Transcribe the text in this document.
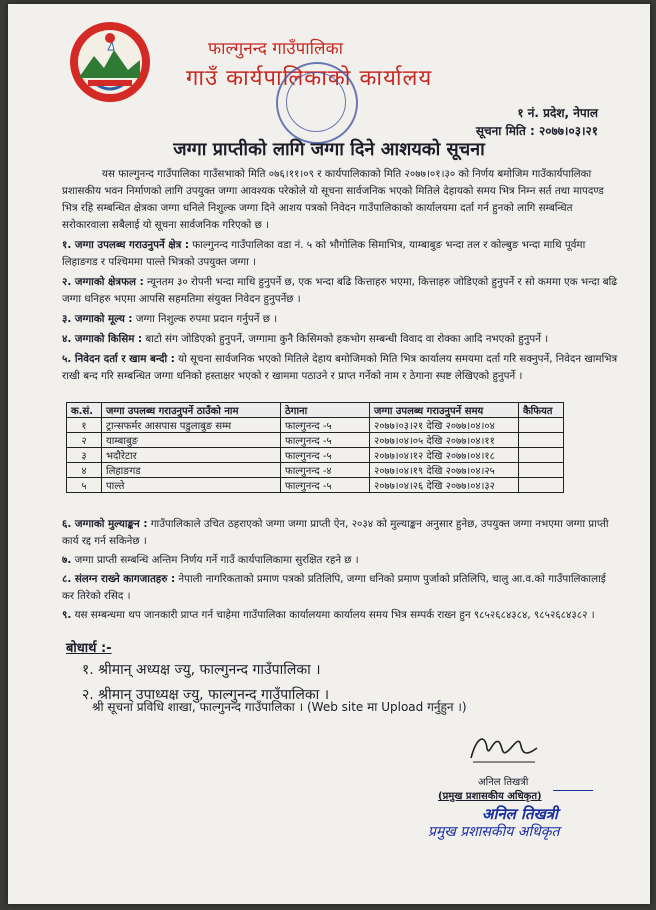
फाल्गुनन्द गाउँपालिका
गाउँ कार्यपालिकाको कार्यालय
१ नं. प्रदेश, नेपाल
सूचना मिति : २०७७।०३।२१
जग्गा प्राप्तीको लागि जग्गा दिने आशयको सूचना

यस फाल्गुनन्द गाउँपालिका गाउँसभाको मिति ०७६।११।०९ र कार्यपालिकाको मिति २०७७।०१।३० को निर्णय बमोजिम गाउँकार्यपालिका प्रशासकीय भवन निर्माणको लागि उपयुक्त जग्गा आवश्यक परेकोले यो सूचना सार्वजनिक भएको मितिले देहायको समय भित्र निम्न सर्त तथा मापदण्ड भित्र रहि सम्बन्धित क्षेत्रका जग्गा धनिले निशुल्क जग्गा दिने आशय पत्रको निवेदन गाउँपालिकाको कार्यालयमा दर्ता गर्न हुनको लागि सम्बन्धित सरोकारवाला सबैलाई यो सूचना सार्वजनिक गरिएको छ ।

१. जग्गा उपलब्ध गराउनुपर्ने क्षेत्र : फाल्गुनन्द गाउँपालिका वडा नं. ५ को भौगोलिक सिमाभित्र, याम्बाबुङ भन्दा तल र कोल्बुङ भन्दा माथि पूर्वमा लिहाङगड र पश्चिममा पाल्ते भित्रको उपयुक्त जग्गा ।

२. जग्गाको क्षेत्रफल : न्यूनतम ३० रोपनी भन्दा माथि हुनुपर्ने छ, एक भन्दा बढि कित्ताहरु भएमा, कित्ताहरु जोडिएको हुनुपर्ने र सो कममा एक भन्दा बढि जग्गा धनिहरु भएमा आपसि सहमतिमा संयुक्त निवेदन हुनुपर्नेछ ।

३. जग्गाको मूल्य : जग्गा निशुल्क रुपमा प्रदान गर्नुपर्ने छ ।

४. जग्गाको किसिम : बाटो संग जोडिएको हुनुपर्ने, जग्गामा कुनै किसिमको हकभोग सम्बन्धी विवाद वा रोक्का आदि नभएको हुनुपर्ने ।

५. निवेदन दर्ता र खाम बन्दी : यो सूचना सार्वजनिक भएको मितिले देहाय बमोजिमको मिति भित्र कार्यालय समयमा दर्ता गरि सक्नुपर्ने, निवेदन खामभित्र राखी बन्द गरि सम्बन्धित जग्गा धनिको हस्ताक्षर भएको र खाममा पठाउने र प्राप्त गर्नेको नाम र ठेगाना स्पष्ट लेखिएको हुनुपर्ने ।

क.सं.	जग्गा उपलब्ध गराउनुपर्ने ठाउँको नाम	ठेगाना	जग्गा उपलब्ध गराउनुपर्ने समय	कैफियत
१	ट्रान्सफर्मर आसपास पडुलाबुङ सम्म	फाल्गुनन्द -५	२०७७।०३।२१ देखि २०७७।०४।०४	
२	याम्बाबुङ	फाल्गुनन्द -५	२०७७।०४।०५ देखि २०७७।०४।११	
३	भदौरेटार	फाल्गुनन्द -५	२०७७।०४।१२ देखि २०७७।०४।१८	
४	लिहाङगड	फाल्गुनन्द -४	२०७७।०४।१९ देखि २०७७।०४।२५	
५	पाल्ते	फाल्गुनन्द -५	२०७७।०४।२६ देखि २०७७।०४।३२	

६. जग्गाको मुल्याङ्कन : गाउँपालिकाले उचित ठहराएको जग्गा जग्गा प्राप्ती ऐन, २०३४ को मुल्याङ्कन अनुसार हुनेछ, उपयुक्त जग्गा नभएमा जग्गा प्राप्ती कार्य रद्द गर्न सकिनेछ ।

७. जग्गा प्राप्ती सम्बन्धि अन्तिम निर्णय गर्ने गाउँ कार्यपालिकामा सुरक्षित रहने छ ।

८. संलग्न राख्ने कागजातहरु : नेपाली नागरिकताको प्रमाण पत्रको प्रतिलिपि, जग्गा धनिको प्रमाण पुर्जाको प्रतिलिपि, चालु आ.व.को गाउँपालिकालाई कर तिरेको रसिद ।

९. यस सम्बन्धमा थप जानकारी प्राप्त गर्न चाहेमा गाउँपालिका कार्यालयमा कार्यालय समय भित्र सम्पर्क राख्न हुन ९८५२६८४३८४, ९८५२६८४३८२ ।

बोधार्थ :-
१. श्रीमान् अध्यक्ष ज्यु, फाल्गुनन्द गाउँपालिका ।
२. श्रीमान् उपाध्यक्ष ज्यु, फाल्गुनन्द गाउँपालिका ।
श्री सूचना प्रविधि शाखा, फाल्गुनन्द गाउँपालिका । (Web site मा Upload गर्नुहुन ।)
अनिल तिखत्री
(प्रमुख प्रशासकीय अधिकृत)
अनिल तिखत्री
प्रमुख प्रशासकीय अधिकृत
